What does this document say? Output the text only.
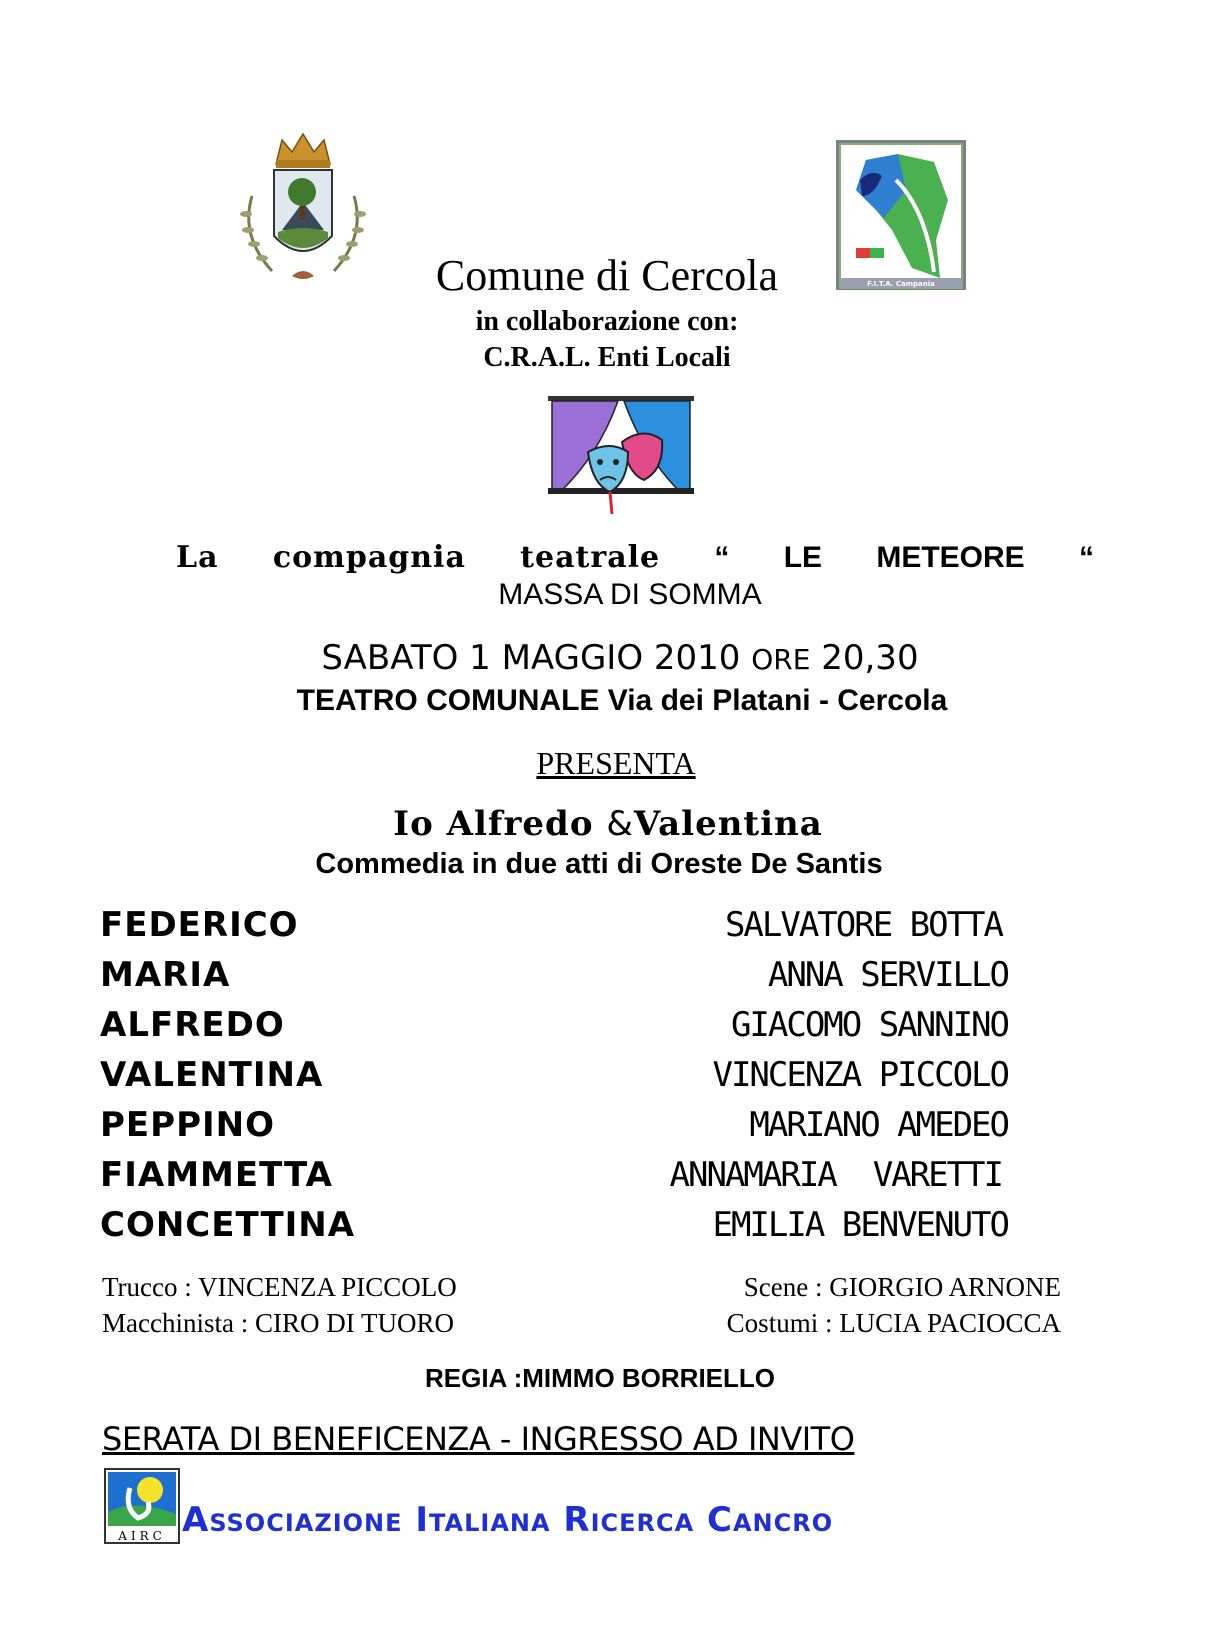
F.I.T.A. Campania
Comune di Cercola
in collaborazione con:
C.R.A.L. Enti Locali
La compagnia teatrale “ LE METEORE “
MASSA DI SOMMA
SABATO 1 MAGGIO 2010 ORE 20,30
TEATRO COMUNALE Via dei Platani - Cercola
PRESENTA
Io Alfredo &Valentina
Commedia in due atti di Oreste De Santis
FEDERICO	SALVATORE BOTTA
MARIA	ANNA SERVILLO
ALFREDO	GIACOMO SANNINO
VALENTINA	VINCENZA PICCOLO
PEPPINO	MARIANO AMEDEO
FIAMMETTA	ANNAMARIA  VARETTI
CONCETTINA	EMILIA BENVENUTO
Trucco : VINCENZA PICCOLO
Macchinista : CIRO DI TUORO
Scene : GIORGIO ARNONE
Costumi : LUCIA PACIOCCA
REGIA :MIMMO BORRIELLO
SERATA DI BENEFICENZA - INGRESSO AD INVITO
AIRC Associazione Italiana Ricerca Cancro
